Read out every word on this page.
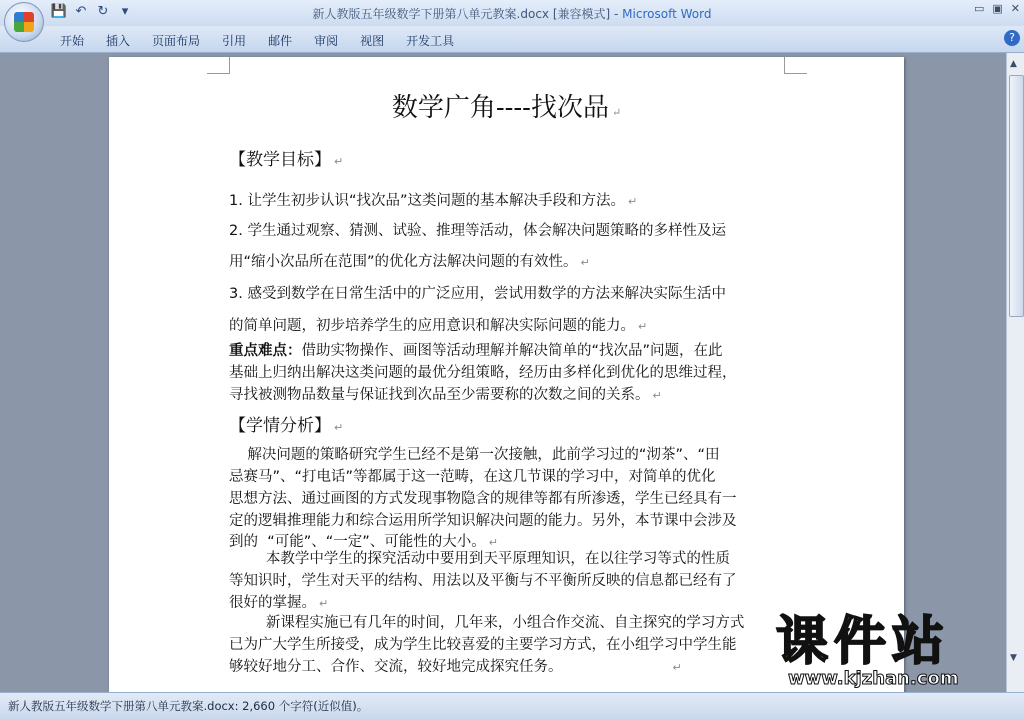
💾 ↶ ↻	▾	新人教版五年级数学下册第八单元教案.docx [兼容模式] - Microsoft Word	▭ ▣ ✕
开始	插入	页面布局	引用	邮件	审阅	视图	开发工具	?
数学广角----找次品 ↵
【教学目标】 ↵
1. 让学生初步认识“找次品”这类问题的基本解决手段和方法。 ↵
2. 学生通过观察、猜测、试验、推理等活动，体会解决问题策略的多样性及运
用“缩小次品所在范围”的优化方法解决问题的有效性。 ↵
3. 感受到数学在日常生活中的广泛应用，尝试用数学的方法来解决实际生活中
的简单问题，初步培养学生的应用意识和解决实际问题的能力。 ↵
重点难点：借助实物操作、画图等活动理解并解决简单的“找次品”问题，在此
基础上归纳出解决这类问题的最优分组策略，经历由多样化到优化的思维过程，
寻找被测物品数量与保证找到次品至少需要称的次数之间的关系。 ↵
【学情分析】 ↵
解决问题的策略研究学生已经不是第一次接触，此前学习过的“沏茶”、“田
忌赛马”、“打电话”等都属于这一范畴，在这几节课的学习中，对简单的优化
思想方法、通过画图的方式发现事物隐含的规律等都有所渗透，学生已经具有一
定的逻辑推理能力和综合运用所学知识解决问题的能力。另外，本节课中会涉及
到的  “可能”、“一定”、可能性的大小。 ↵
本教学中学生的探究活动中要用到天平原理知识，在以往学习等式的性质
等知识时，学生对天平的结构、用法以及平衡与不平衡所反映的信息都已经有了
很好的掌握。 ↵
新课程实施已有几年的时间，几年来，小组合作交流、自主探究的学习方式
已为广大学生所接受，成为学生比较喜爱的主要学习方式，在小组学习中学生能
够较好地分工、合作、交流，较好地完成探究任务。	↵
▲
▼
课件站
www.kjzhan.com
新人教版五年级数学下册第八单元教案.docx: 2,660 个字符(近似值)。
